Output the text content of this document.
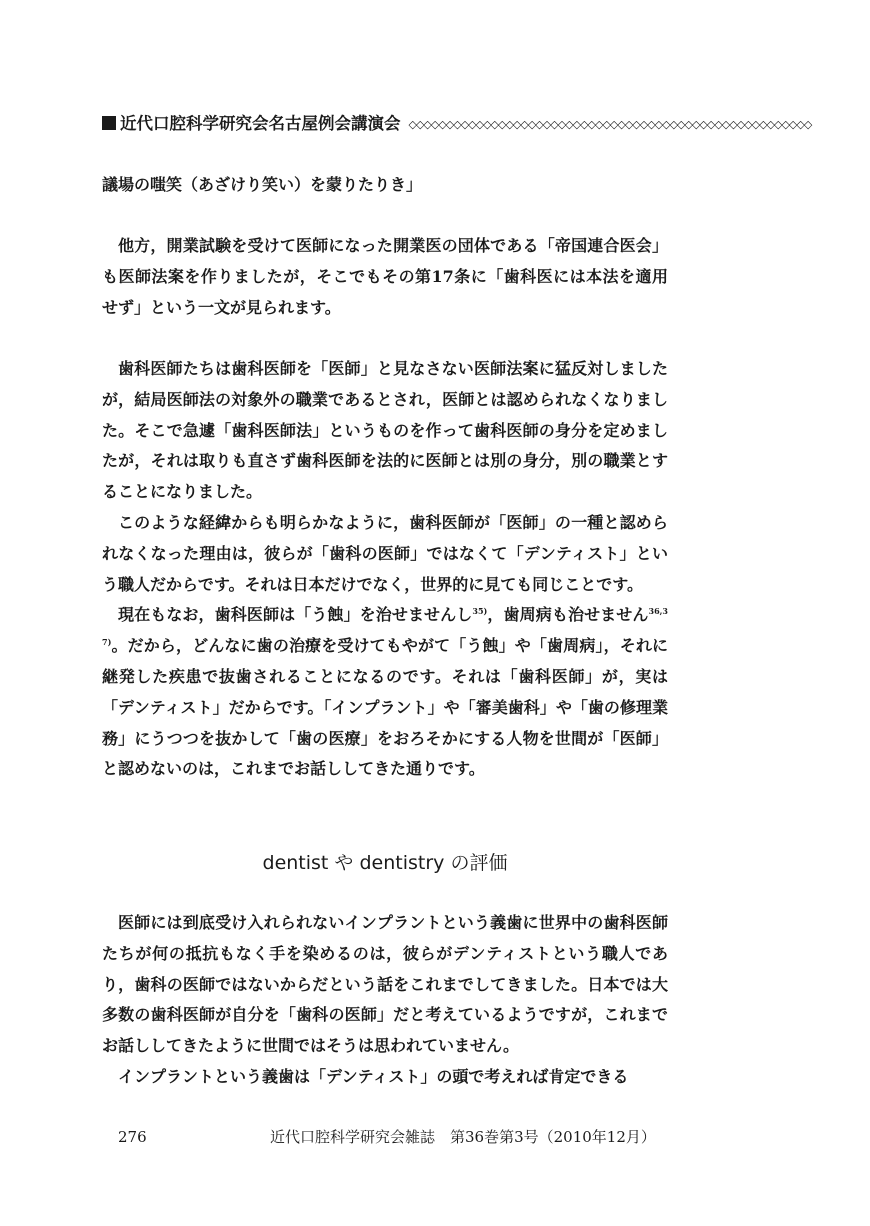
近代口腔科学研究会名古屋例会講演会 ◇◇◇◇◇◇◇◇◇◇◇◇◇◇◇◇◇◇◇◇◇◇◇◇◇◇◇◇◇◇◇◇◇◇◇◇◇◇◇◇◇◇◇◇◇◇◇◇◇◇◇◇◇◇

議場の嗤笑（あざけり笑い）を蒙りたりき」

他方，開業試験を受けて医師になった開業医の団体である「帝国連合医会」も医師法案を作りましたが，そこでもその第17条に「歯科医には本法を適用せず」という一文が見られます。

歯科医師たちは歯科医師を「医師」と見なさない医師法案に猛反対しましたが，結局医師法の対象外の職業であるとされ，医師とは認められなくなりました。そこで急遽「歯科医師法」というものを作って歯科医師の身分を定めましたが，それは取りも直さず歯科医師を法的に医師とは別の身分，別の職業とすることになりました。

このような経緯からも明らかなように，歯科医師が「医師」の一種と認められなくなった理由は，彼らが「歯科の医師」ではなくて「デンティスト」という職人だからです。それは日本だけでなく，世界的に見ても同じことです。

現在もなお，歯科医師は「う蝕」を治せませんし$^{35)}$，歯周病も治せません$^{36,37)}$。だから，どんなに歯の治療を受けてもやがて「う蝕」や「歯周病」，それに継発した疾患で抜歯されることになるのです。それは「歯科医師」が，実は「デンティスト」だからです。「インプラント」や「審美歯科」や「歯の修理業務」にうつつを抜かして「歯の医療」をおろそかにする人物を世間が「医師」と認めないのは，これまでお話ししてきた通りです。

dentist や dentistry の評価

医師には到底受け入れられないインプラントという義歯に世界中の歯科医師たちが何の抵抗もなく手を染めるのは，彼らがデンティストという職人であり，歯科の医師ではないからだという話をこれまでしてきました。日本では大多数の歯科医師が自分を「歯科の医師」だと考えているようですが，これまでお話ししてきたように世間ではそうは思われていません。

インプラントという義歯は「デンティスト」の頭で考えれば肯定できる

276	近代口腔科学研究会雑誌　第36巻第3号（2010年12月）
